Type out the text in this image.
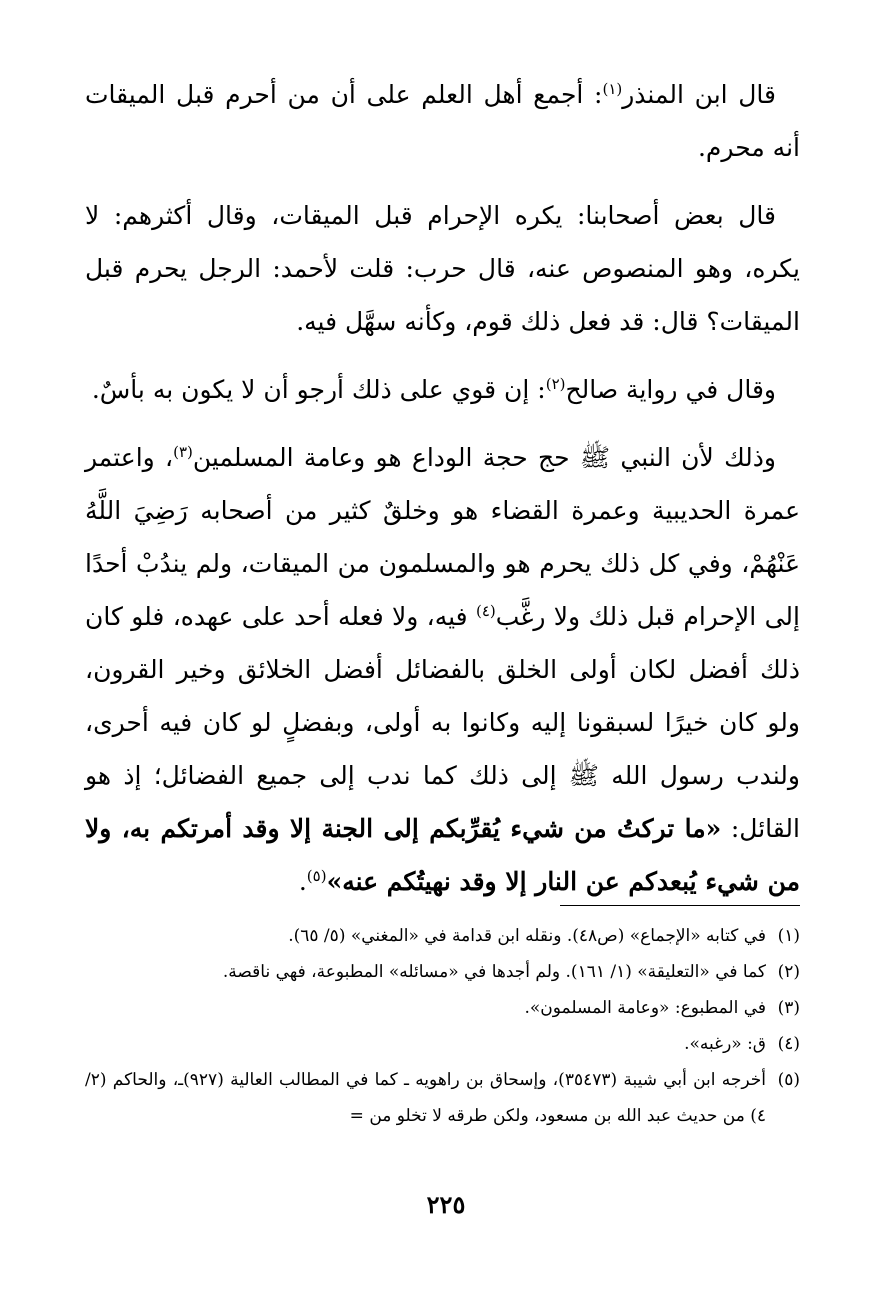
قال ابن المنذر$^{(١)}$: أجمع أهل العلم على أن من أحرم قبل الميقات أنه محرم.

قال بعض أصحابنا: يكره الإحرام قبل الميقات، وقال أكثرهم: لا يكره، وهو المنصوص عنه، قال حرب: قلت لأحمد: الرجل يحرم قبل الميقات؟ قال: قد فعل ذلك قوم، وكأنه سهَّل فيه.

وقال في رواية صالح$^{(٢)}$: إن قوي على ذلك أرجو أن لا يكون به بأسٌ.

وذلك لأن النبي ﷺ حج حجة الوداع هو وعامة المسلمين$^{(٣)}$، واعتمر عمرة الحديبية وعمرة القضاء هو وخلقٌ كثير من أصحابه رَضِيَ اللَّهُ عَنْهُمْ، وفي كل ذلك يحرم هو والمسلمون من الميقات، ولم يندُبْ أحدًا إلى الإحرام قبل ذلك ولا رغَّب$^{(٤)}$ فيه، ولا فعله أحد على عهده، فلو كان ذلك أفضل لكان أولى الخلق بالفضائل أفضل الخلائق وخير القرون، ولو كان خيرًا لسبقونا إليه وكانوا به أولى، وبفضلٍ لو كان فيه أحرى، ولندب رسول الله ﷺ إلى ذلك كما ندب إلى جميع الفضائل؛ إذ هو القائل: «ما تركتُ من شيء يُقرِّبكم إلى الجنة إلا وقد أمرتكم به، ولا من شيء يُبعدكم عن النار إلا وقد نهيتُكم عنه»$^{(٥)}$.

(١)
في كتابه «الإجماع» (ص٤٨). ونقله ابن قدامة في «المغني» (٥/ ٦٥).
(٢)
كما في «التعليقة» (١/ ١٦١). ولم أجدها في «مسائله» المطبوعة، فهي ناقصة.
(٣)
في المطبوع: «وعامة المسلمون».
(٤)
ق: «رغبه».
(٥)
أخرجه ابن أبي شيبة (٣٥٤٧٣)، وإسحاق بن راهويه ـ كما في المطالب العالية (٩٢٧)ـ، والحاكم (٢/ ٤) من حديث عبد الله بن مسعود، ولكن طرقه لا تخلو من =
٢٢٥
